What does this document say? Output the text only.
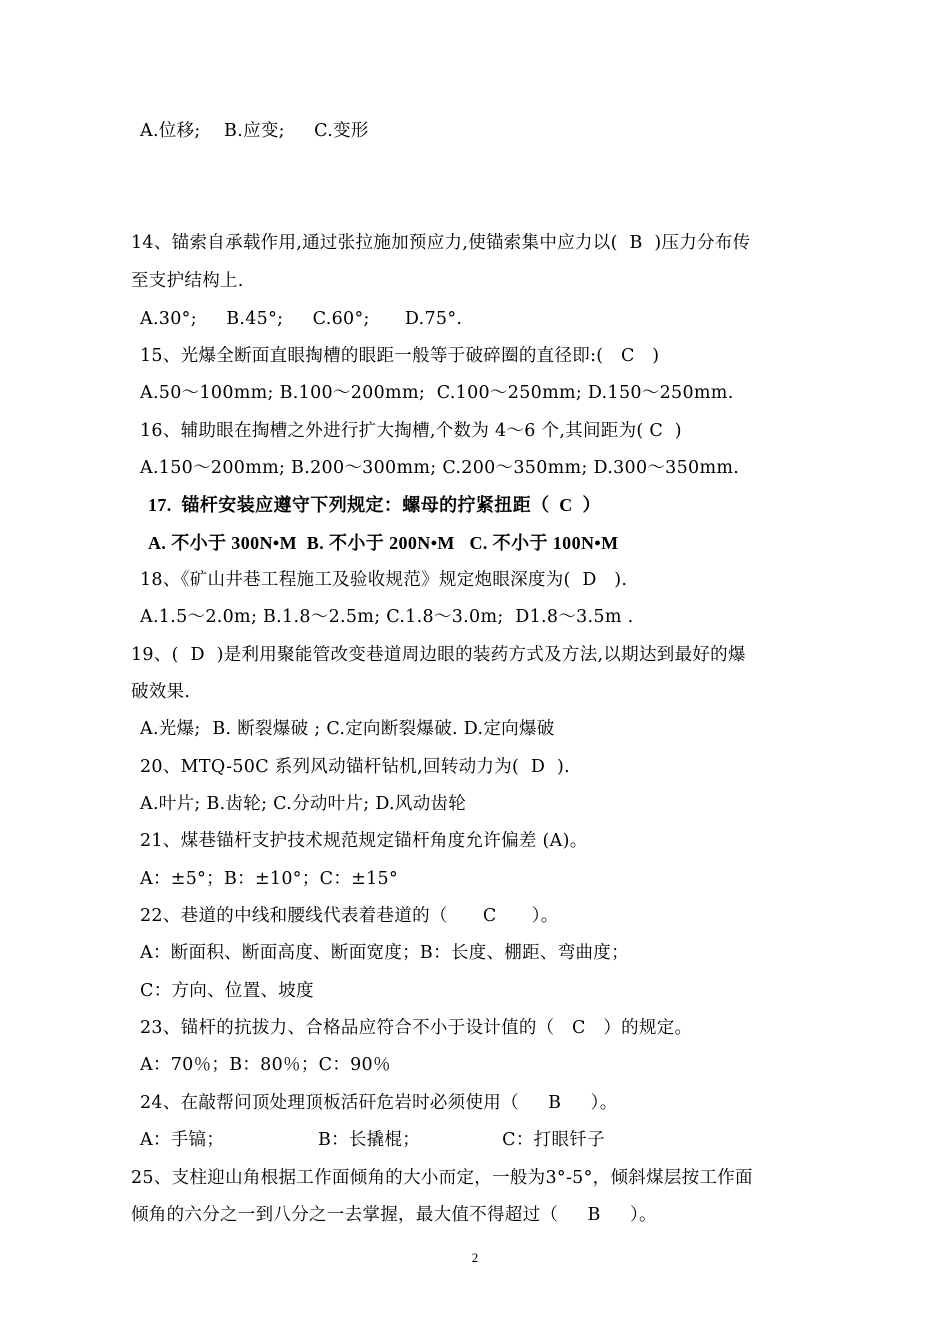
A.位移;    B.应变;     C.变形
14、锚索自承载作用,通过张拉施加预应力,使锚索集中应力以(  B  )压力分布传
至支护结构上.
A.30°;     B.45°;     C.60°;      D.75°.
15、光爆全断面直眼掏槽的眼距一般等于破碎圈的直径即:(   C   )
A.50～100mm; B.100～200mm;  C.100～250mm; D.150～250mm.
16、辅助眼在掏槽之外进行扩大掏槽,个数为 4～6 个,其间距为( C  )
A.150～200mm; B.200～300mm; C.200～350mm; D.300～350mm.
17.  锚杆安装应遵守下列规定：螺母的拧紧扭距（  C  ）
A. 不小于 300N•M  B. 不小于 200N•M   C. 不小于 100N•M
18、《矿山井巷工程施工及验收规范》规定炮眼深度为(  D   ).
A.1.5～2.0m; B.1.8～2.5m; C.1.8～3.0m;  D1.8～3.5m .
19、(  D  )是利用聚能管改变巷道周边眼的装药方式及方法,以期达到最好的爆
破效果.
A.光爆;  B. 断裂爆破 ; C.定向断裂爆破. D.定向爆破
20、MTQ-50C 系列风动锚杆钻机,回转动力为(  D  ).
A.叶片; B.齿轮; C.分动叶片; D.风动齿轮
21、煤巷锚杆支护技术规范规定锚杆角度允许偏差 (A)。
A：±5°；B：±10°；C：±15°
22、巷道的中线和腰线代表着巷道的（      C      ）。
A：断面积、断面高度、断面宽度；B：长度、棚距、弯曲度；
C：方向、位置、坡度
23、锚杆的抗拔力、合格品应符合不小于设计值的（   C   ）的规定。
A：70％；B：80％；C：90％
24、在敲帮问顶处理顶板活矸危岩时必须使用（     B     ）。
A：手镐；                B：长撬棍；              C：打眼钎子
25、支柱迎山角根据工作面倾角的大小而定，一般为3°-5°，倾斜煤层按工作面
倾角的六分之一到八分之一去掌握，最大值不得超过（     B     ）。
2
